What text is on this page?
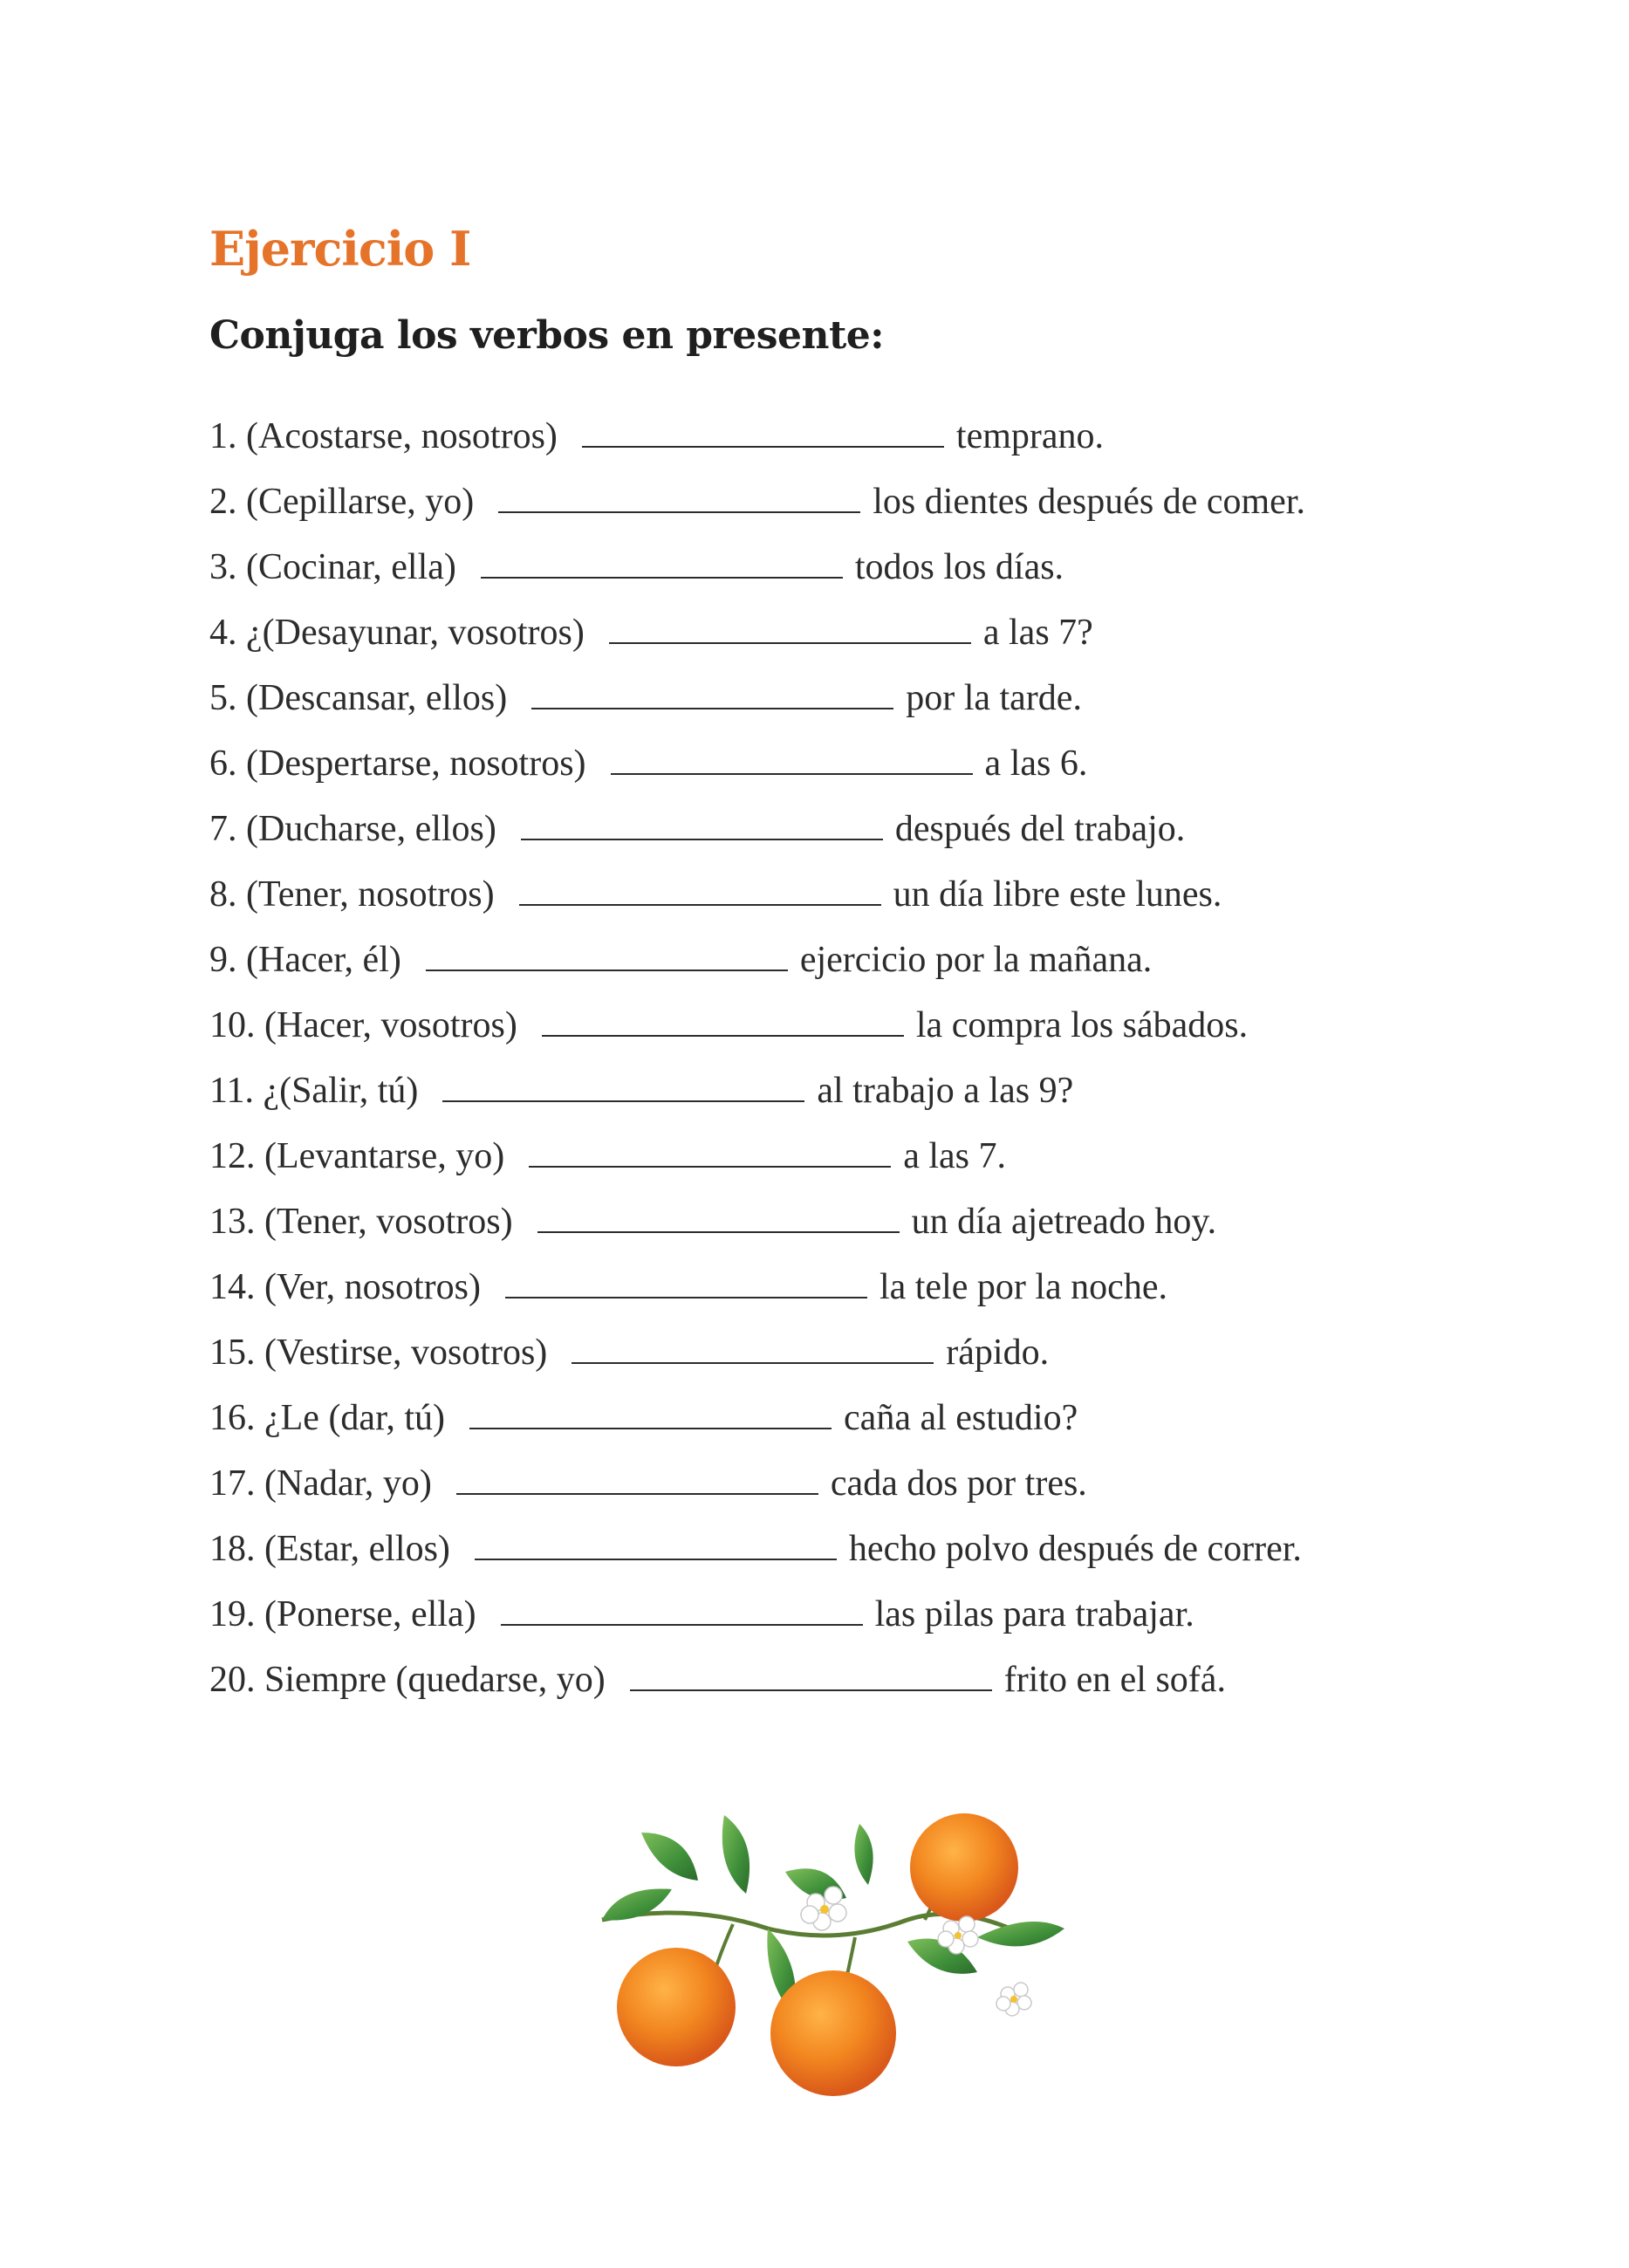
Ejercicio I
Conjuga los verbos en presente:
1. (Acostarse, nosotros)	temprano.
2. (Cepillarse, yo)	los dientes después de comer.
3. (Cocinar, ella)	todos los días.
4. ¿(Desayunar, vosotros)	a las 7?
5. (Descansar, ellos)	por la tarde.
6. (Despertarse, nosotros)	a las 6.
7. (Ducharse, ellos)	después del trabajo.
8. (Tener, nosotros)	un día libre este lunes.
9. (Hacer, él)	ejercicio por la mañana.
10. (Hacer, vosotros)	la compra los sábados.
11. ¿(Salir, tú)	al trabajo a las 9?
12. (Levantarse, yo)	a las 7.
13. (Tener, vosotros)	un día ajetreado hoy.
14. (Ver, nosotros)	la tele por la noche.
15. (Vestirse, vosotros)	rápido.
16. ¿Le (dar, tú)	caña al estudio?
17. (Nadar, yo)	cada dos por tres.
18. (Estar, ellos)	hecho polvo después de correr.
19. (Ponerse, ella)	las pilas para trabajar.
20. Siempre (quedarse, yo)	frito en el sofá.
